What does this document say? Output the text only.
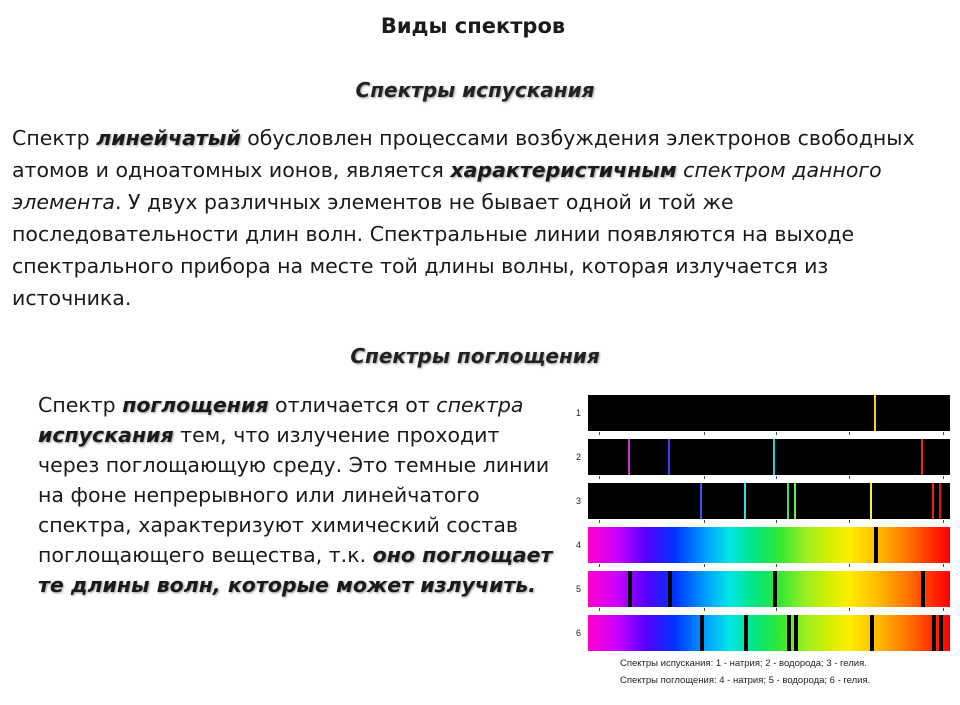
Виды спектров
Спектры испускания
Спектр линейчатый обусловлен процессами возбуждения электронов свободных атомов и одноатомных ионов, является характеристичным спектром данного элемента. У двух различных элементов не бывает одной и той же последовательности длин волн. Спектральные линии появляются на выходе спектрального прибора на месте той длины волны, которая излучается из источника.
Спектры поглощения
Спектр поглощения отличается от спектра испускания тем, что излучение проходит через поглощающую среду. Это темные линии на фоне непрерывного или линейчатого спектра, характеризуют химический состав поглощающего вещества, т.к. оно поглощает те длины волн, которые может излучить.
Спектры испускания: 1 - натрия; 2 - водорода; 3 - гелия.
Спектры поглощения: 4 - натрия; 5 - водорода; 6 - гелия.
1
2
3
4
5
6
